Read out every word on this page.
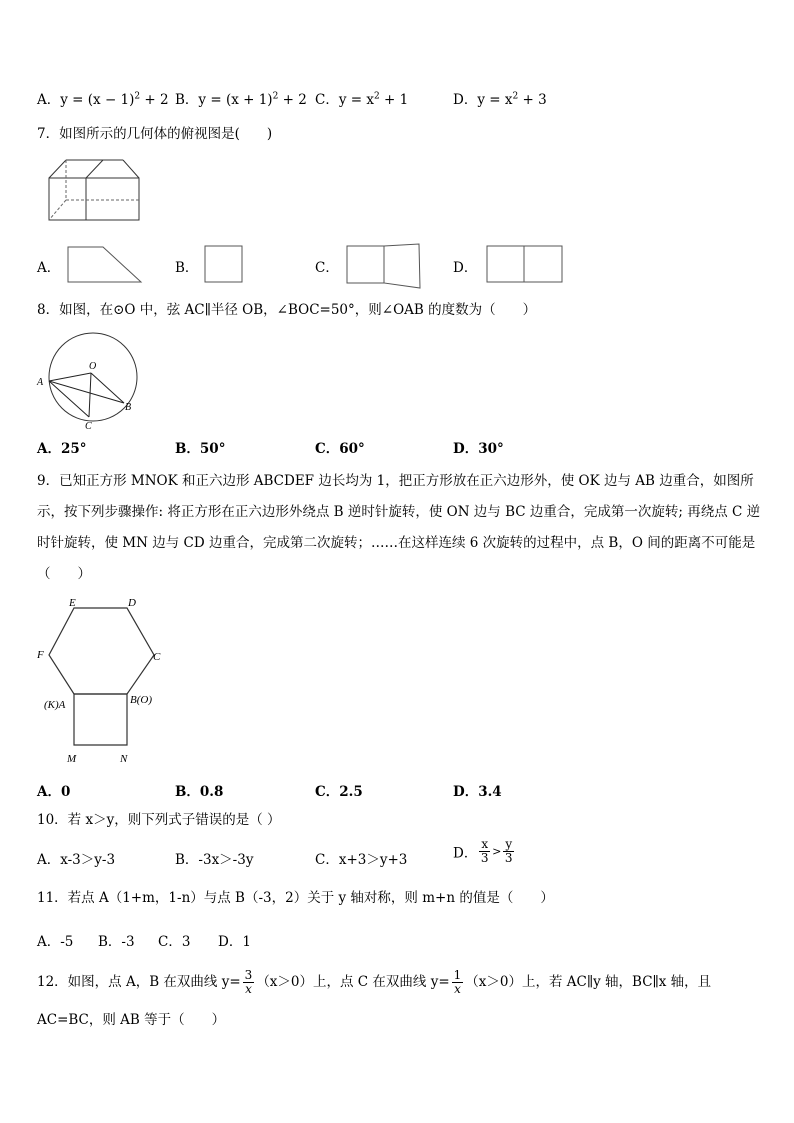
A．$y = (x - 1)^2 + 2$ B．$y = (x + 1)^2 + 2$ C．$y = x^2 + 1$	D．$y = x^2 + 3$
7．如图所示的几何体的俯视图是(　　)
A．	B．	C．	D．
8．如图，在⊙O 中，弦 AC∥半径 OB，∠BOC=50°，则∠OAB 的度数为（　　）
O
A
B
C
A．25°	B．50°	C．60°	D．30°
9．已知正方形 MNOK 和正六边形 ABCDEF 边长均为 1，把正方形放在正六边形外，使 OK 边与 AB 边重合，如图所示，按下列步骤操作: 将正方形在正六边形外绕点 B 逆时针旋转，使 ON 边与 BC 边重合，完成第一次旋转; 再绕点 C 逆时针旋转，使 MN 边与 CD 边重合，完成第二次旋转；……在这样连续 6 次旋转的过程中，点 B，O 间的距离不可能是（　　）
E	D
F	C
(K)A	B(O)
M	N
A．0	B．0.8	C．2.5	D．3.4
10．若 x＞y，则下列式子错误的是（ ）
A．x-3＞y-3	B．-3x＞-3y	C．x+3＞y+3	D． $\frac{x}{3} > \frac{y}{3}$
11．若点 A（1+m，1-n）与点 B（-3，2）关于 y 轴对称，则 m+n 的值是（　　）
A．-5 B．-3 C．3 D．1
12．如图，点 A，B 在双曲线 $y= \frac{3}{x} (x>0)$上，点 C 在双曲线 $y= \frac{1}{x} (x>0)$上，若 AC∥y 轴，BC∥x 轴，且
AC=BC，则 AB 等于（　　）
